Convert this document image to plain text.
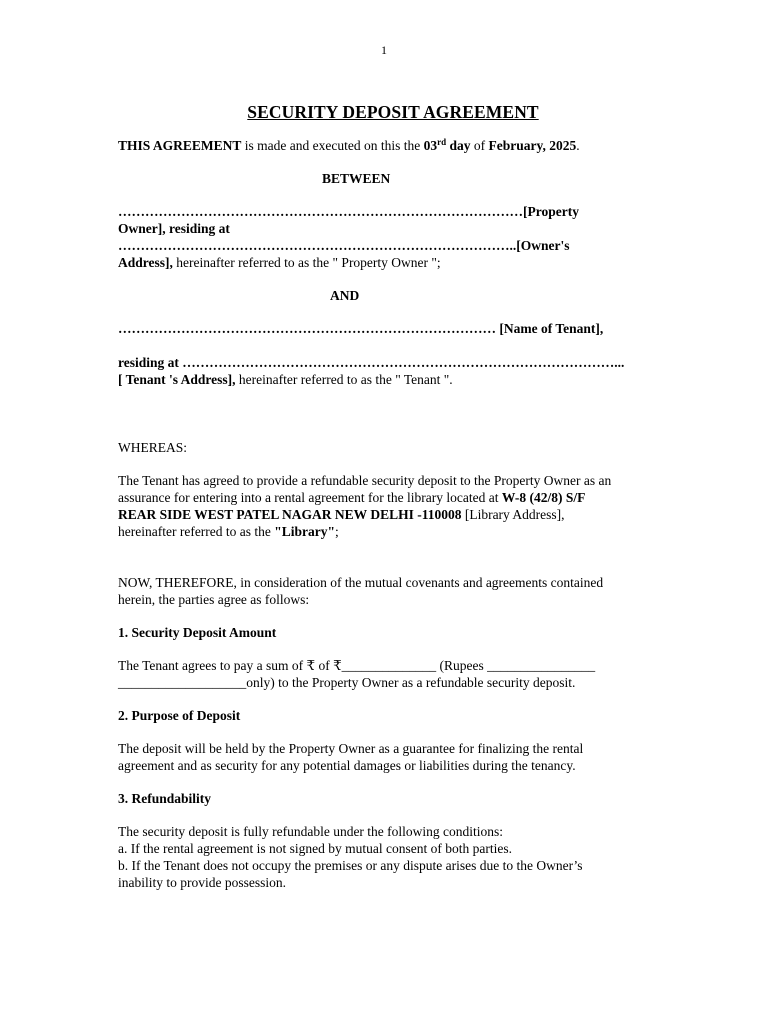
1
SECURITY DEPOSIT AGREEMENT

THIS AGREEMENT is made and executed on this the 03rd day of February, 2025.

BETWEEN

………………………………………………………………………………[Property

Owner], residing at

……………………………………………………………………………..[Owner's

Address], hereinafter referred to as the " Property Owner ";

AND

………………………………………………………………………… [Name of Tenant],

residing at ……………………………………………………………………………………...

[ Tenant 's Address], hereinafter referred to as the " Tenant ".

WHEREAS:

The Tenant has agreed to provide a refundable security deposit to the Property Owner as an assurance for entering into a rental agreement for the library located at W-8 (42/8) S/F
REAR SIDE WEST PATEL NAGAR NEW DELHI -110008 [Library Address],
hereinafter referred to as the "Library";

NOW, THEREFORE, in consideration of the mutual covenants and agreements contained

herein, the parties agree as follows:

1. Security Deposit Amount

The Tenant agrees to pay a sum of ₹ of ₹______________ (Rupees ________________

___________________only) to the Property Owner as a refundable security deposit.

2. Purpose of Deposit

The deposit will be held by the Property Owner as a guarantee for finalizing the rental

agreement and as security for any potential damages or liabilities during the tenancy.

3. Refundability

The security deposit is fully refundable under the following conditions:

a. If the rental agreement is not signed by mutual consent of both parties.

b. If the Tenant does not occupy the premises or any dispute arises due to the Owner’s

inability to provide possession.
